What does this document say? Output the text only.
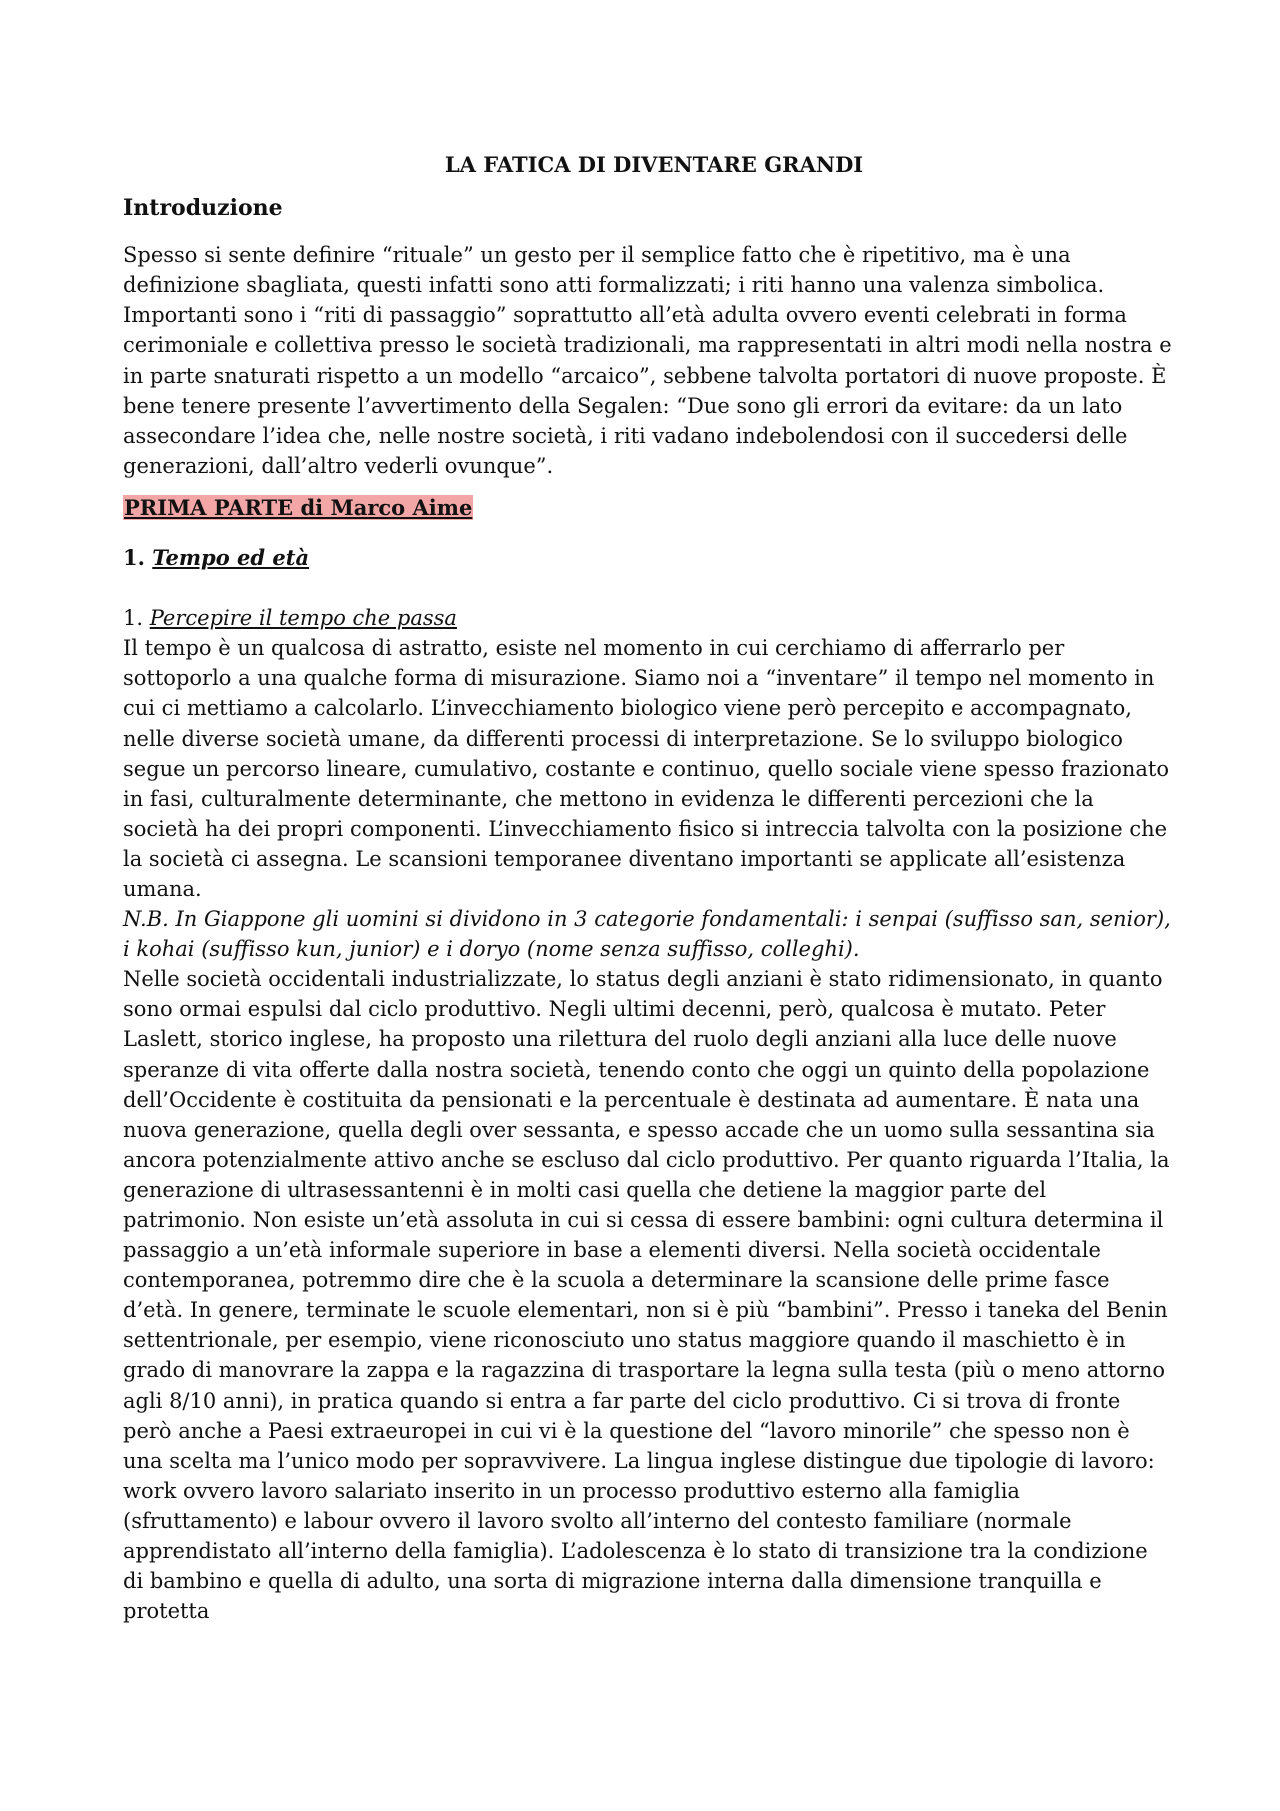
LA FATICA DI DIVENTARE GRANDI
Introduzione

Spesso si sente definire “rituale” un gesto per il semplice fatto che è ripetitivo, ma è una definizione sbagliata, questi infatti sono atti formalizzati; i riti hanno una valenza simbolica. Importanti sono i “riti di passaggio” soprattutto all’età adulta ovvero eventi celebrati in forma cerimoniale e collettiva presso le società tradizionali, ma rappresentati in altri modi nella nostra e in parte snaturati rispetto a un modello “arcaico”, sebbene talvolta portatori di nuove proposte. È bene tenere presente l’avvertimento della Segalen: “Due sono gli errori da evitare: da un lato assecondare l’idea che, nelle nostre società, i riti vadano indebolendosi con il succedersi delle generazioni, dall’altro vederli ovunque”.

PRIMA PARTE di Marco Aime
1. Tempo ed età
1. Percepire il tempo che passa

Il tempo è un qualcosa di astratto, esiste nel momento in cui cerchiamo di afferrarlo per sottoporlo a una qualche forma di misurazione. Siamo noi a “inventare” il tempo nel momento in cui ci mettiamo a calcolarlo. L’invecchiamento biologico viene però percepito e accompagnato, nelle diverse società umane, da differenti processi di interpretazione. Se lo sviluppo biologico segue un percorso lineare, cumulativo, costante e continuo, quello sociale viene spesso frazionato in fasi, culturalmente determinante, che mettono in evidenza le differenti percezioni che la società ha dei propri componenti. L’invecchiamento fisico si intreccia talvolta con la posizione che la società ci assegna. Le scansioni temporanee diventano importanti se applicate all’esistenza umana.

N.B. In Giappone gli uomini si dividono in 3 categorie fondamentali: i senpai (suffisso san, senior), i kohai (suffisso kun, junior) e i doryo (nome senza suffisso, colleghi).

Nelle società occidentali industrializzate, lo status degli anziani è stato ridimensionato, in quanto sono ormai espulsi dal ciclo produttivo. Negli ultimi decenni, però, qualcosa è mutato. Peter Laslett, storico inglese, ha proposto una rilettura del ruolo degli anziani alla luce delle nuove speranze di vita offerte dalla nostra società, tenendo conto che oggi un quinto della popolazione dell’Occidente è costituita da pensionati e la percentuale è destinata ad aumentare. È nata una nuova generazione, quella degli over sessanta, e spesso accade che un uomo sulla sessantina sia ancora potenzialmente attivo anche se escluso dal ciclo produttivo. Per quanto riguarda l’Italia, la generazione di ultrasessantenni è in molti casi quella che detiene la maggior parte del patrimonio. Non esiste un’età assoluta in cui si cessa di essere bambini: ogni cultura determina il passaggio a un’età informale superiore in base a elementi diversi. Nella società occidentale contemporanea, potremmo dire che è la scuola a determinare la scansione delle prime fasce d’età. In genere, terminate le scuole elementari, non si è più “bambini”. Presso i taneka del Benin settentrionale, per esempio, viene riconosciuto uno status maggiore quando il maschietto è in grado di manovrare la zappa e la ragazzina di trasportare la legna sulla testa (più o meno attorno agli 8/10 anni), in pratica quando si entra a far parte del ciclo produttivo. Ci si trova di fronte però anche a Paesi extraeuropei in cui vi è la questione del “lavoro minorile” che spesso non è una scelta ma l’unico modo per sopravvivere. La lingua inglese distingue due tipologie di lavoro: work ovvero lavoro salariato inserito in un processo produttivo esterno alla famiglia (sfruttamento) e labour ovvero il lavoro svolto all’interno del contesto familiare (normale apprendistato all’interno della famiglia). L’adolescenza è lo stato di transizione tra la condizione di bambino e quella di adulto, una sorta di migrazione interna dalla dimensione tranquilla e protetta
